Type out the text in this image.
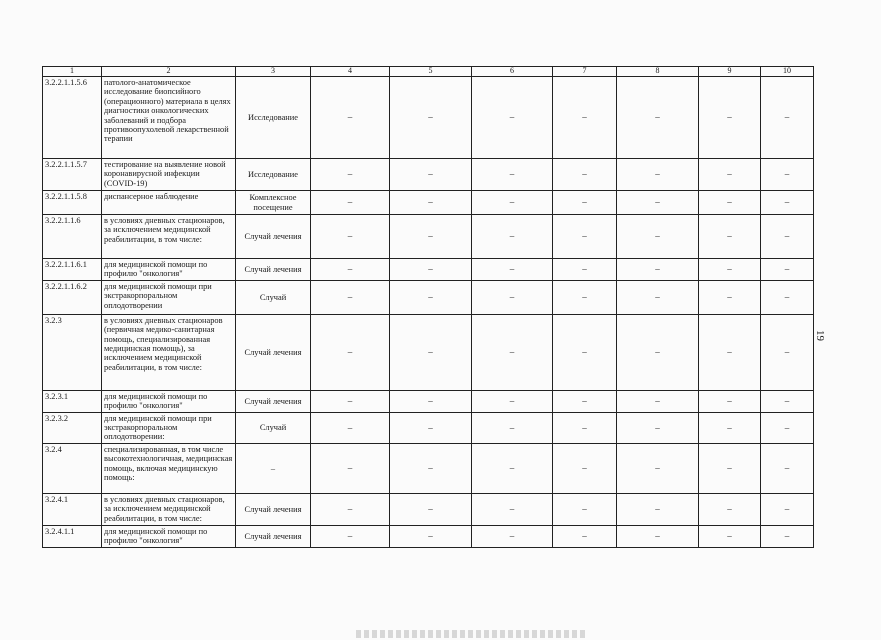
1	2	3	4	5	6	7	8	9	10
3.2.2.1.1.5.6	патолого-анатомическое исследование биопсийного (операционного) материала в целях диагностики онкологических заболеваний и подбора противоопухолевой лекарственной терапии	Исследование	–	–	–	–	–	–	–
3.2.2.1.1.5.7	тестирование на выявление новой коронавирусной инфекции (COVID-19)	Исследование	–	–	–	–	–	–	–
3.2.2.1.1.5.8	диспансерное наблюдение	Комплексное посещение	–	–	–	–	–	–	–
3.2.2.1.1.6	в условиях дневных стационаров, за исключением медицинской реабилитации, в том числе:	Случай лечения	–	–	–	–	–	–	–
3.2.2.1.1.6.1	для медицинской помощи по профилю "онкология"	Случай лечения	–	–	–	–	–	–	–
3.2.2.1.1.6.2	для медицинской помощи при экстракорпоральном оплодотворении	Случай	–	–	–	–	–	–	–
3.2.3	в условиях дневных стационаров (первичная медико-санитарная помощь, специализированная медицинская помощь), за исключением медицинской реабилитации, в том числе:	Случай лечения	–	–	–	–	–	–	–
3.2.3.1	для медицинской помощи по профилю "онкология"	Случай лечения	–	–	–	–	–	–	–
3.2.3.2	для медицинской помощи при экстракорпоральном оплодотворении:	Случай	–	–	–	–	–	–	–
3.2.4	специализированная, в том числе высокотехнологичная, медицинская помощь, включая медицинскую помощь:	–	–	–	–	–	–	–	–
3.2.4.1	в условиях дневных стационаров, за исключением медицинской реабилитации, в том числе:	Случай лечения	–	–	–	–	–	–	–
3.2.4.1.1	для медицинской помощи по профилю "онкология"	Случай лечения	–	–	–	–	–	–	–
19
